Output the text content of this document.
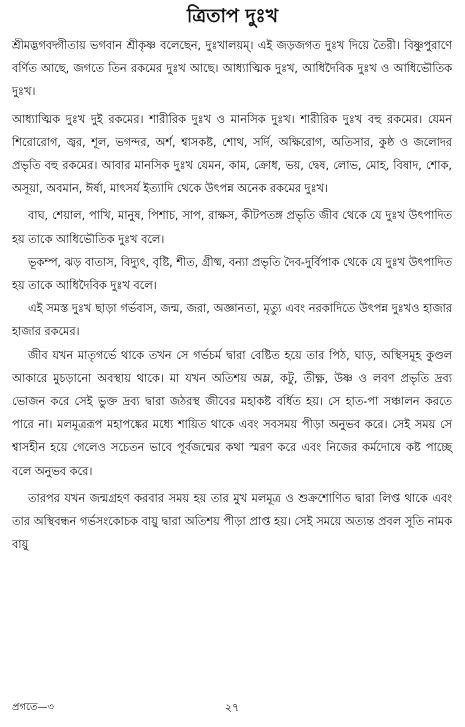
ত্রিতাপ দুঃখ

শ্রীমদ্ভগবদ্গীতায় ভগবান শ্রীকৃষ্ণ বলেছেন, দুঃখালয়ম্। এই জড়জগত দুঃখ দিয়ে তৈরী। বিষ্ণুপুরাণে বর্ণিত আছে, জগতে তিন রকমের দুঃখ আছে। আধ্যাত্মিক দুঃখ, আধিদৈবিক দুঃখ ও আধিভৌতিক দুঃখ।

আধ্যাত্মিক দুঃখ দুই রকমের। শারীরিক দুঃখ ও মানসিক দুঃখ। শারীরিক দুঃখ বহু রকমের। যেমন শিরোরোগ, জ্বর, শূল, ভগন্দর, অর্শ, শ্বাসকষ্ট, শোথ, সর্দি, অক্ষিরোগ, অতিসার, কুষ্ঠ ও জলোদর প্রভৃতি বহু রকমের। আবার মানসিক দুঃখ যেমন, কাম, ক্রোধ, ভয়, দ্বেষ, লোভ, মোহ, বিষাদ, শোক, অসূয়া, অবমান, ঈর্ষা, মাৎসর্য ইত্যাদি থেকে উৎপন্ন অনেক রকমের দুঃখ।

বাঘ, শেয়াল, পাখি, মানুষ, পিশাচ, সাপ, রাক্ষস, কীটপতঙ্গ প্রভৃতি জীব থেকে যে দুঃখ উৎপাদিত হয় তাকে আধিভৌতিক দুঃখ বলে।

ভূকম্প, ঝড় বাতাস, বিদ্যুৎ, বৃষ্টি, শীত, গ্রীষ্ম, বন্যা প্রভৃতি দৈব-দুর্বিপাক থেকে যে দুঃখ উৎপাদিত হয় তাকে আধিদৈবিক দুঃখ বলে।

এই সমস্ত দুঃখ ছাড়া গর্ভবাস, জন্ম, জরা, অজ্ঞানতা, মৃত্যু এবং নরকাদিতে উৎপন্ন দুঃখও হাজার হাজার রকমের।

জীব যখন মাতৃগর্ভে থাকে তখন সে গর্ভচর্ম দ্বারা বেষ্টিত হয়ে তার পিঠ, ঘাড়, অস্থিসমূহ কুণ্ডল আকারে মুচড়ানো অবস্থায় থাকে। মা যখন অতিশয় অম্ল, কটু, তীক্ষ্ণ, উষ্ণ ও লবণ প্রভৃতি দ্রব্য ভোজন করে সেই ভুক্ত দ্রব্য দ্বারা জঠরস্থ জীবের মহাকষ্ট বর্ধিত হয়। সে হাত-পা সঞ্চালন করতে পারে না। মলমূত্ররূপ মহাপঙ্কের মধ্যে শায়িত থাকে এবং সবসময় পীড়া অনুভব করে। সেই সময় সে শ্বাসহীন হয়ে গেলেও সচেতন ভাবে পূর্বজন্মের কথা স্মরণ করে এবং নিজের কর্মদোষে কষ্ট পাচ্ছে বলে অনুভব করে।

তারপর যখন জন্মগ্রহণ করবার সময় হয় তার মুখ মলমূত্র ও শুক্রশোণিত দ্বারা লিপ্ত থাকে এবং তার অস্থিবন্ধন গর্ভসংকোচক বায়ু দ্বারা অতিশয় পীড়া প্রাপ্ত হয়। সেই সময়ে অত্যন্ত প্রবল সূতি নামক বায়ু

প্রগতে—৩	২৭
